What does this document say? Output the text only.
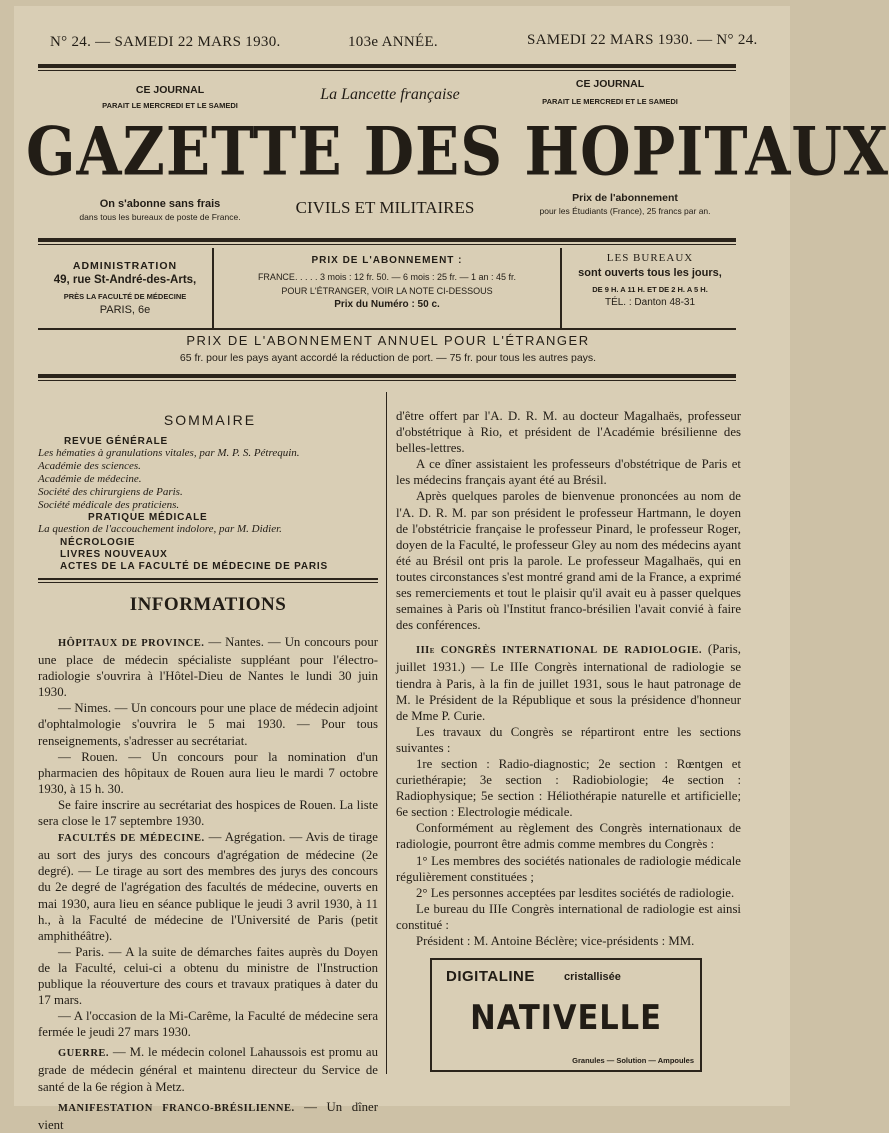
N° 24. — SAMEDI 22 MARS 1930.	103e ANNÉE.	SAMEDI 22 MARS 1930. — N° 24.
CE JOURNAL
PARAIT LE MERCREDI ET LE SAMEDI
La Lancette française
CE JOURNAL
PARAIT LE MERCREDI ET LE SAMEDI
GAZETTE DES HOPITAUX
On s'abonne sans frais
dans tous les bureaux de poste de France.	CIVILS ET MILITAIRES	Prix de l'abonnement
pour les Étudiants (France), 25 francs par an.
ADMINISTRATION
49, rue St-André-des-Arts,
PRÈS LA FACULTÉ DE MÉDECINE
PARIS, 6e
PRIX DE L'ABONNEMENT :
FRANCE. . . . . 3 mois : 12 fr. 50. — 6 mois : 25 fr. — 1 an : 45 fr.
POUR L'ÉTRANGER, VOIR LA NOTE CI-DESSOUS
Prix du Numéro : 50 c.
LES BUREAUX
sont ouverts tous les jours,
DE 9 H. A 11 H. ET DE 2 H. A 5 H.
TÉL. : Danton 48-31
PRIX DE L'ABONNEMENT ANNUEL POUR L'ÉTRANGER
65 fr. pour les pays ayant accordé la réduction de port. — 75 fr. pour tous les autres pays.
SOMMAIRE
REVUE GÉNÉRALE
Les hématies à granulations vitales, par M. P. S. Pétrequin.
Académie des sciences.
Académie de médecine.
Société des chirurgiens de Paris.
Société médicale des praticiens.
PRATIQUE MÉDICALE
La question de l'accouchement indolore, par M. Didier.
NÉCROLOGIE
LIVRES NOUVEAUX
ACTES DE LA FACULTÉ DE MÉDECINE DE PARIS
INFORMATIONS

HÔPITAUX DE PROVINCE. — Nantes. — Un concours pour une place de médecin spécialiste suppléant pour l'électro-radiologie s'ouvrira à l'Hôtel-Dieu de Nantes le lundi 30 juin 1930.

— Nimes. — Un concours pour une place de médecin adjoint d'ophtalmologie s'ouvrira le 5 mai 1930. — Pour tous renseignements, s'adresser au secrétariat.

— Rouen. — Un concours pour la nomination d'un pharmacien des hôpitaux de Rouen aura lieu le mardi 7 octobre 1930, à 15 h. 30.

Se faire inscrire au secrétariat des hospices de Rouen. La liste sera close le 17 septembre 1930.

FACULTÉS DE MÉDECINE. — Agrégation. — Avis de tirage au sort des jurys des concours d'agrégation de médecine (2e degré). — Le tirage au sort des membres des jurys des concours du 2e degré de l'agrégation des facultés de médecine, ouverts en mai 1930, aura lieu en séance publique le jeudi 3 avril 1930, à 11 h., à la Faculté de médecine de l'Université de Paris (petit amphithéâtre).

— Paris. — A la suite de démarches faites auprès du Doyen de la Faculté, celui-ci a obtenu du ministre de l'Instruction publique la réouverture des cours et travaux pratiques à dater du 17 mars.

— A l'occasion de la Mi-Carême, la Faculté de médecine sera fermée le jeudi 27 mars 1930.

GUERRE. — M. le médecin colonel Lahaussois est promu au grade de médecin général et maintenu directeur du Service de santé de la 6e région à Metz.

MANIFESTATION FRANCO-BRÉSILIENNE. — Un dîner vient

d'être offert par l'A. D. R. M. au docteur Magalhaës, professeur d'obstétrique à Rio, et président de l'Académie brésilienne des belles-lettres.

A ce dîner assistaient les professeurs d'obstétrique de Paris et les médecins français ayant été au Brésil.

Après quelques paroles de bienvenue prononcées au nom de l'A. D. R. M. par son président le professeur Hartmann, le doyen de l'obstétricie française le professeur Pinard, le professeur Roger, doyen de la Faculté, le professeur Gley au nom des médecins ayant été au Brésil ont pris la parole. Le professeur Magalhaës, qui en toutes circonstances s'est montré grand ami de la France, a exprimé ses remerciements et tout le plaisir qu'il avait eu à passer quelques semaines à Paris où l'Institut franco-brésilien l'avait convié à faire des conférences.

IIIe CONGRÈS INTERNATIONAL DE RADIOLOGIE. (Paris, juillet 1931.) — Le IIIe Congrès international de radiologie se tiendra à Paris, à la fin de juillet 1931, sous le haut patronage de M. le Président de la République et sous la présidence d'honneur de Mme P. Curie.

Les travaux du Congrès se répartiront entre les sections suivantes :

1re section : Radio-diagnostic; 2e section : Rœntgen et curiethérapie; 3e section : Radiobiologie; 4e section : Radiophysique; 5e section : Héliothérapie naturelle et artificielle; 6e section : Electrologie médicale.

Conformément au règlement des Congrès internationaux de radiologie, pourront être admis comme membres du Congrès :

1° Les membres des sociétés nationales de radiologie médicale régulièrement constituées ;

2° Les personnes acceptées par lesdites sociétés de radiologie.

Le bureau du IIIe Congrès international de radiologie est ainsi constitué :

Président : M. Antoine Béclère; vice-présidents : MM.

DIGITALINE	cristallisée
NATIVELLE
Granules — Solution — Ampoules
